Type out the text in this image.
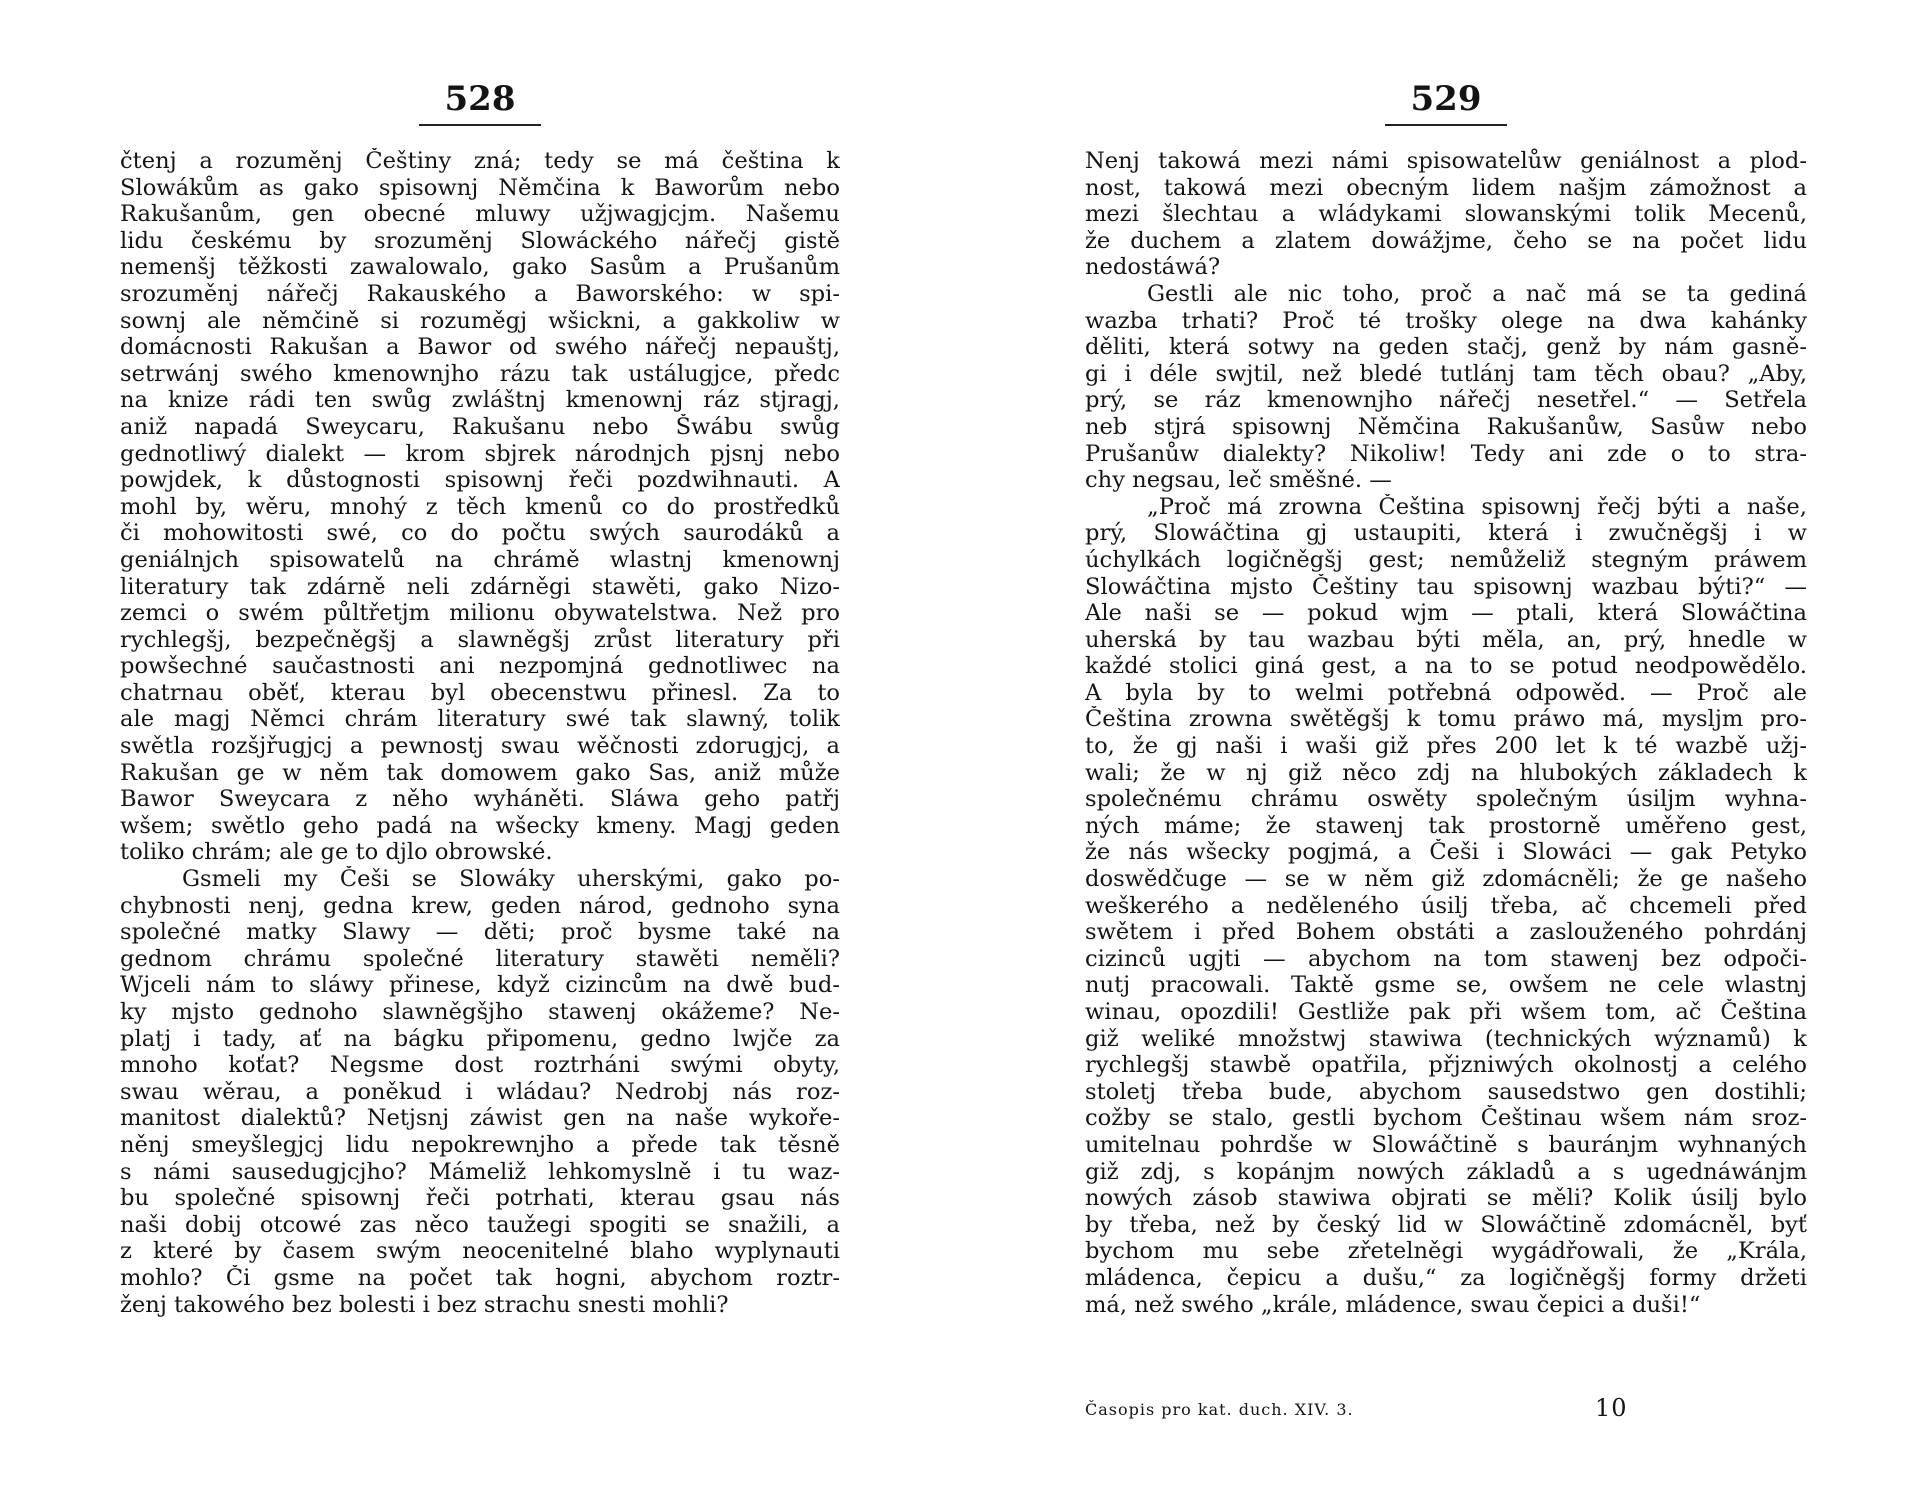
528
čtenj a rozuměnj Češtiny zná; tedy se má čeština k
Slowákům as gako spisownj Němčina k Baworům nebo
Rakušanům, gen obecné mluwy užjwagjcjm. Našemu
lidu českému by srozuměnj Slowáckého nářečj gistě
nemenšj těžkosti zawalowalo, gako Sasům a Prušanům
srozuměnj nářečj Rakauského a Baworského: w spi-
sownj ale němčině si rozuměgj wšickni, a gakkoliw w
domácnosti Rakušan a Bawor od swého nářečj nepauštj,
setrwánj swého kmenownjho rázu tak ustálugjce, předc
na knize rádi ten swůg zwláštnj kmenownj ráz stjragj,
aniž napadá Sweycaru, Rakušanu nebo Šwábu swůg
gednotliwý dialekt — krom sbjrek národnjch pjsnj nebo
powjdek, k důstognosti spisownj řeči pozdwihnauti. A
mohl by, wěru, mnohý z těch kmenů co do prostředků
či mohowitosti swé, co do počtu swých saurodáků a
geniálnjch spisowatelů na chrámě wlastnj kmenownj
literatury tak zdárně neli zdárněgi stawěti, gako Nizo-
zemci o swém půltřetjm milionu obywatelstwa. Než pro
rychlegšj, bezpečněgšj a slawněgšj zrůst literatury při
powšechné saučastnosti ani nezpomjná gednotliwec na
chatrnau oběť, kterau byl obecenstwu přinesl. Za to
ale magj Němci chrám literatury swé tak slawný, tolik
swětla rozšjřugjcj a pewnostj swau wěčnosti zdorugjcj, a
Rakušan ge w něm tak domowem gako Sas, aniž může
Bawor Sweycara z něho wyháněti. Sláwa geho patřj
wšem; swětlo geho padá na wšecky kmeny. Magj geden
toliko chrám; ale ge to djlo obrowské.
Gsmeli my Češi se Slowáky uherskými, gako po-
chybnosti nenj, gedna krew, geden národ, gednoho syna
společné matky Slawy — děti; proč bysme také na
gednom chrámu společné literatury stawěti neměli?
Wjceli nám to sláwy přinese, když cizincům na dwě bud-
ky mjsto gednoho slawněgšjho stawenj okážeme? Ne-
platj i tady, ať na bágku připomenu, gedno lwjče za
mnoho koťat? Negsme dost roztrháni swými obyty,
swau wěrau, a poněkud i wládau? Nedrobj nás roz-
manitost dialektů? Netjsnj záwist gen na naše wykoře-
něnj smeyšlegjcj lidu nepokrewnjho a přede tak těsně
s námi sausedugjcjho? Mámeliž lehkomyslně i tu waz-
bu společné spisownj řeči potrhati, kterau gsau nás
naši dobij otcowé zas něco taužegi spogiti se snažili, a
z které by časem swým neocenitelné blaho wyplynauti
mohlo? Či gsme na počet tak hogni, abychom roztr-
ženj takowého bez bolesti i bez strachu snesti mohli?
529
Nenj takowá mezi námi spisowatelůw geniálnost a plod-
nost, takowá mezi obecným lidem našjm zámožnost a
mezi šlechtau a wládykami slowanskými tolik Mecenů,
že duchem a zlatem dowážjme, čeho se na počet lidu
nedostáwá?
Gestli ale nic toho, proč a nač má se ta gediná
wazba trhati? Proč té trošky olege na dwa kahánky
děliti, která sotwy na geden stačj, genž by nám gasně-
gi i déle swjtil, než bledé tutlánj tam těch obau? „Aby,
prý, se ráz kmenownjho nářečj nesetřel.“ — Setřela
neb stjrá spisownj Němčina Rakušanůw, Sasůw nebo
Prušanůw dialekty? Nikoliw! Tedy ani zde o to stra-
chy negsau, leč směšné. —
„Proč má zrowna Čeština spisownj řečj býti a naše,
prý, Slowáčtina gj ustaupiti, která i zwučněgšj i w
úchylkách logičněgšj gest; nemůželiž stegným práwem
Slowáčtina mjsto Češtiny tau spisownj wazbau býti?“ —
Ale naši se — pokud wjm — ptali, která Slowáčtina
uherská by tau wazbau býti měla, an, prý, hnedle w
každé stolici giná gest, a na to se potud neodpowědělo.
A byla by to welmi potřebná odpowěd. — Proč ale
Čeština zrowna swětěgšj k tomu práwo má, mysljm pro-
to, že gj naši i waši giž přes 200 let k té wazbě užj-
wali; že w nj giž něco zdj na hlubokých základech k
společnému chrámu oswěty společným úsiljm wyhna-
ných máme; že stawenj tak prostorně uměřeno gest,
že nás wšecky pogjmá, a Češi i Slowáci — gak Petyko
doswědčuge — se w něm giž zdomácněli; že ge našeho
weškerého a neděleného úsilj třeba, ač chcemeli před
swětem i před Bohem obstáti a zaslouženého pohrdánj
cizinců ugjti — abychom na tom stawenj bez odpoči-
nutj pracowali. Taktě gsme se, owšem ne cele wlastnj
winau, opozdili! Gestliže pak při wšem tom, ač Čeština
giž weliké množstwj stawiwa (technických wýznamů) k
rychlegšj stawbě opatřila, přjzniwých okolnostj a celého
stoletj třeba bude, abychom sausedstwo gen dostihli;
cožby se stalo, gestli bychom Češtinau wšem nám sroz-
umitelnau pohrdše w Slowáčtině s bauránjm wyhnaných
giž zdj, s kopánjm nowých základů a s ugednáwánjm
nowých zásob stawiwa objrati se měli? Kolik úsilj bylo
by třeba, než by český lid w Slowáčtině zdomácněl, byť
bychom mu sebe zřetelněgi wygádřowali, že „Krála,
mládenca, čepicu a dušu,“ za logičněgšj formy držeti
má, než swého „krále, mládence, swau čepici a duši!“
Časopis pro kat. duch. XIV. 3.	10
